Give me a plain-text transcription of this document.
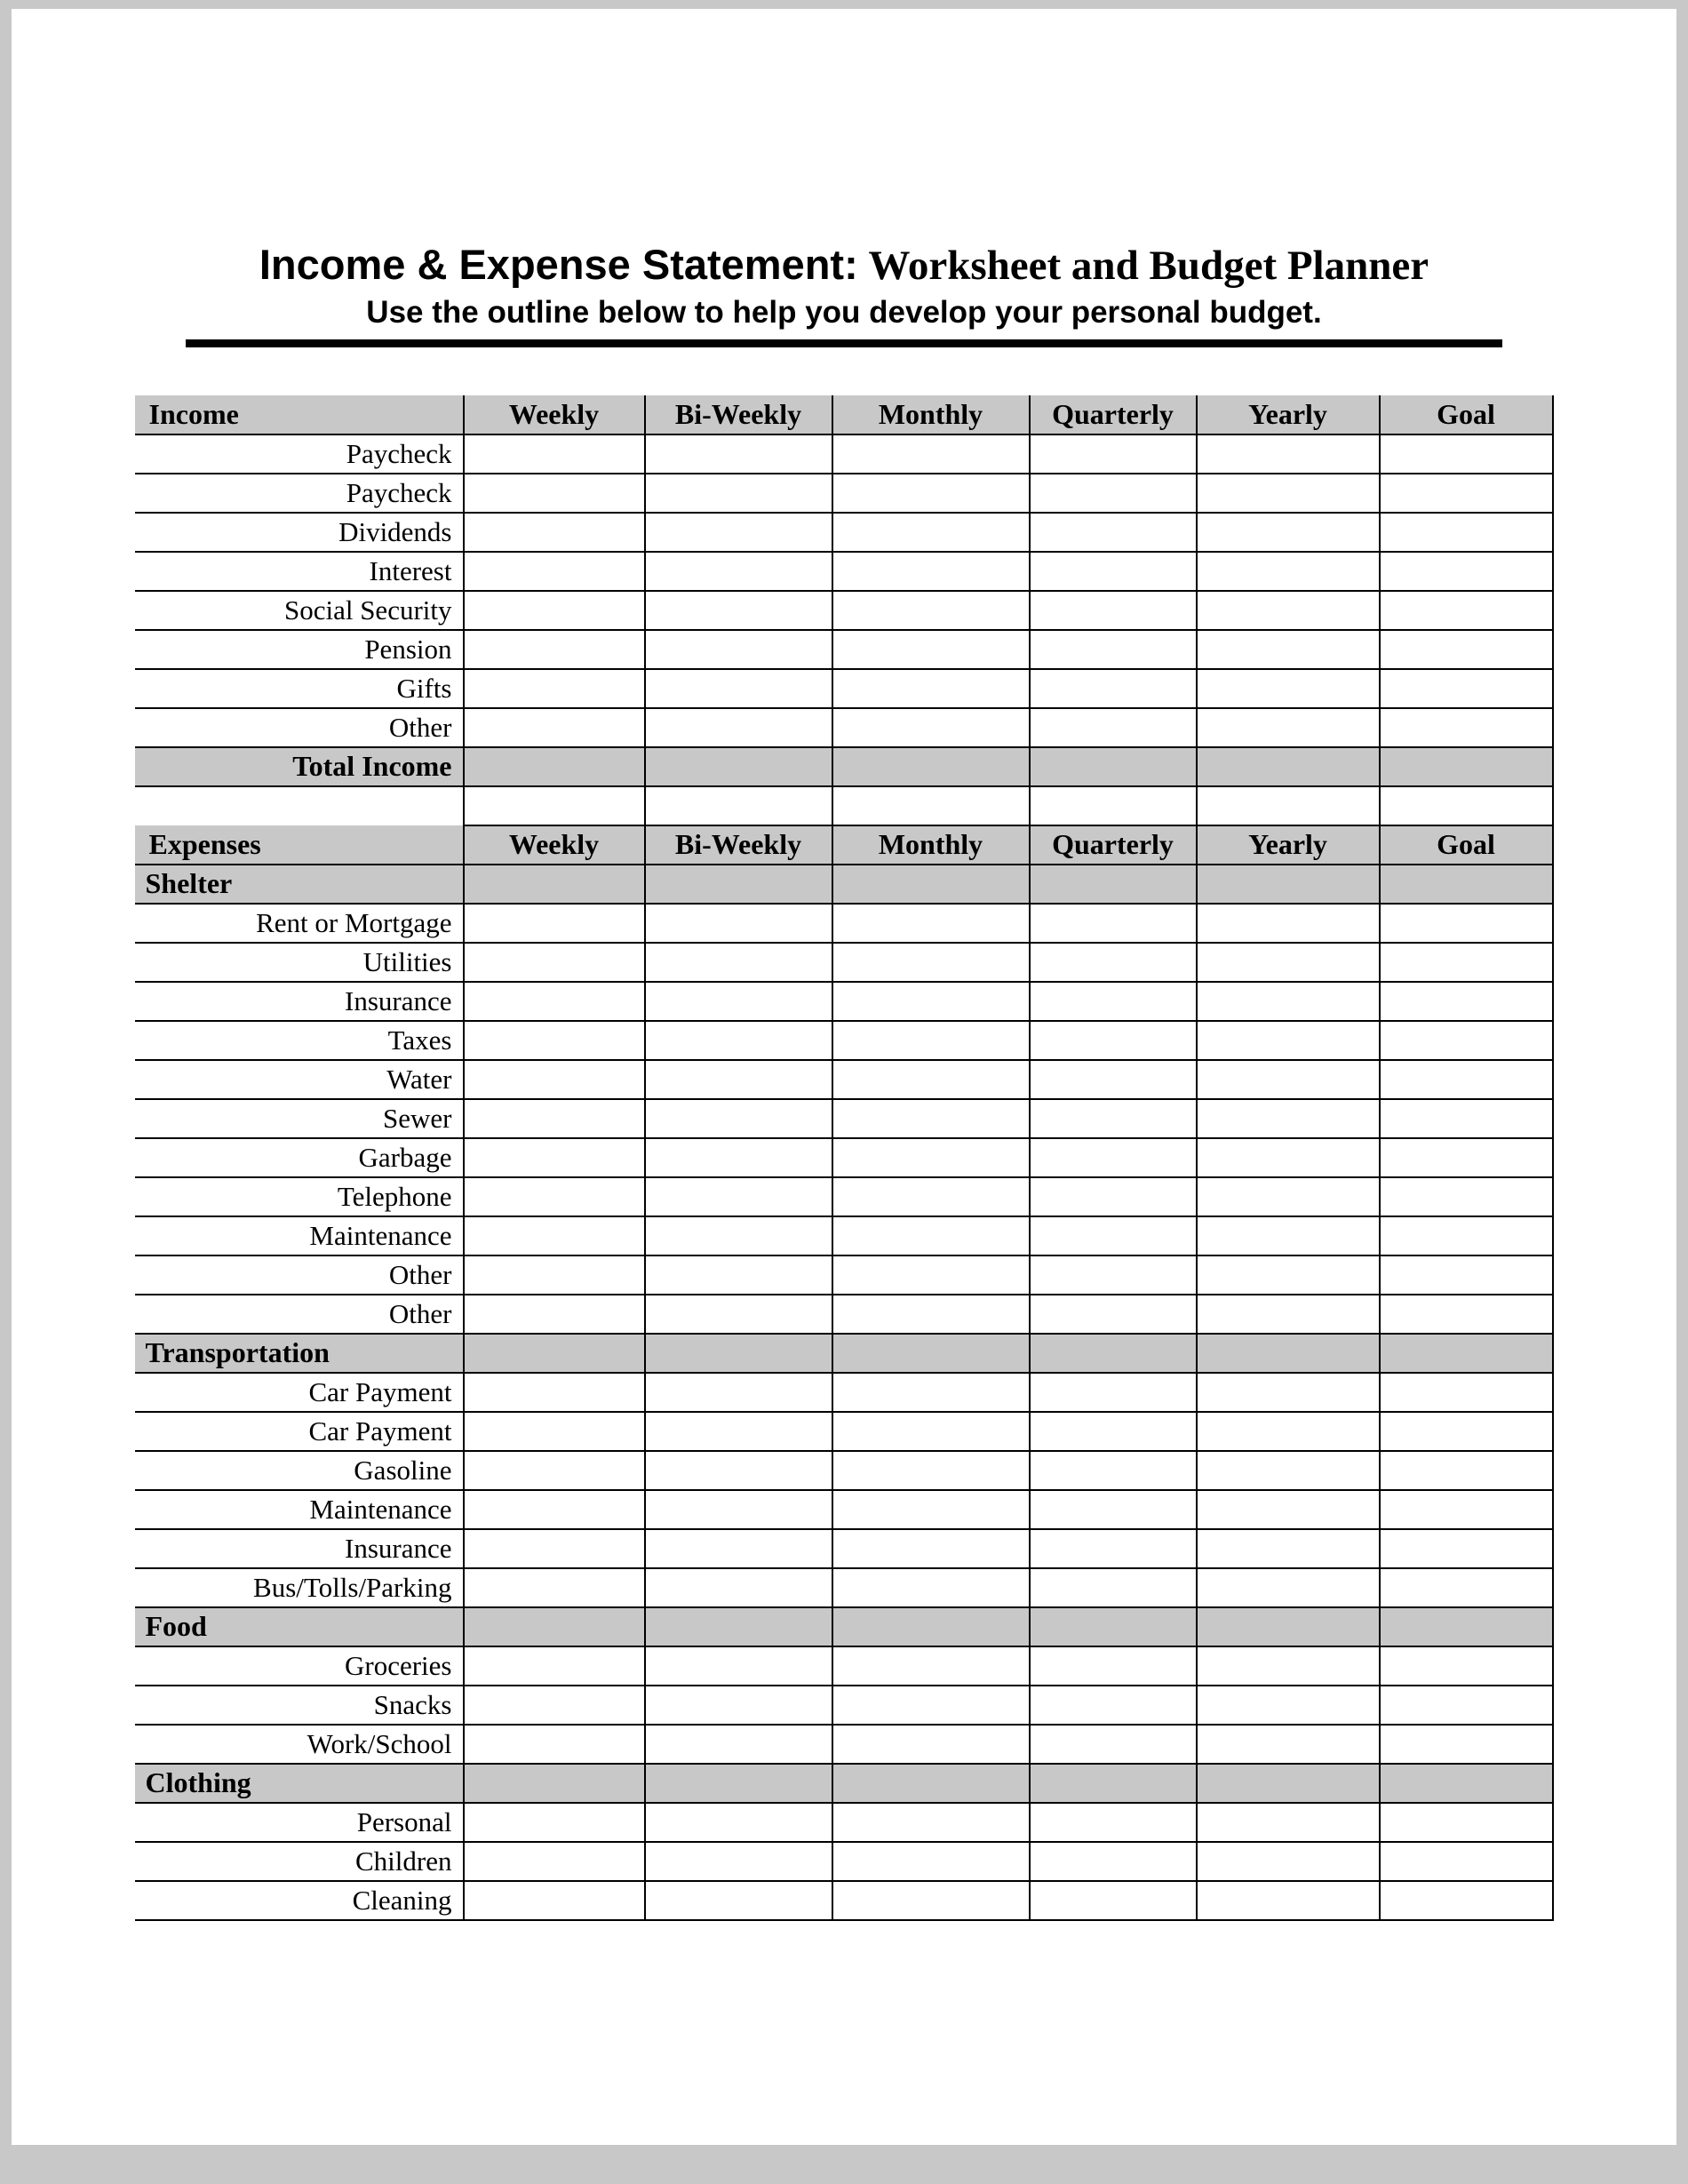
Income & Expense Statement: Worksheet and Budget Planner
Use the outline below to help you develop your personal budget.
Income	Weekly	Bi-Weekly	Monthly	Quarterly	Yearly	Goal
Paycheck						
Paycheck						
Dividends						
Interest						
Social Security						
Pension						
Gifts						
Other						
Total Income						

Expenses	Weekly	Bi-Weekly	Monthly	Quarterly	Yearly	Goal
Shelter						
Rent or Mortgage						
Utilities						
Insurance						
Taxes						
Water						
Sewer						
Garbage						
Telephone						
Maintenance						
Other						
Other						
Transportation						
Car Payment						
Car Payment						
Gasoline						
Maintenance						
Insurance						
Bus/Tolls/Parking						
Food						
Groceries						
Snacks						
Work/School						
Clothing						
Personal						
Children						
Cleaning						
